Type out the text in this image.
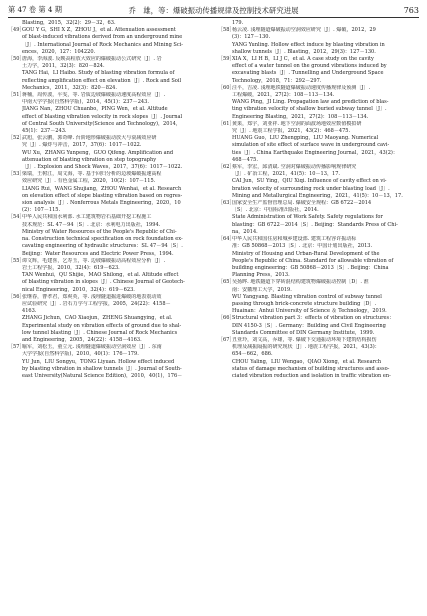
第 47 卷 第 4 期	乔　雄，等：爆破振动传播规律及控制技术研究进展	763
Blasting，2015，32(2)：29－32，63.
［49］
GOU Y G，SHI X Z，ZHOU J，et al. Attenuation assessment
of blast-induced vibrations derived from an underground mine
［J］. International Journal of Rock Mechanics and Mining Sci-
ences，2020，127：104220.
［50］
唐海，李海波. 反映高程放大效应的爆破振动公式研究［J］. 岩
土力学，2011，32(3)：820－824.
TANG Hai，LI Haibo. Study of blasting vibration formula of
reflecting amplification effect on elevation［J］. Rock and Soil
Mechanics，2011，32(3)：820－824.
［51］
蒋楠，周传波，平雯，等. 岩质边坡爆破振动速度高程效应［J］.
中南大学学报(自然科学版)，2014，45(1)：237－243.
JIANG Nan，ZHOU Chuanbo，PING Wen，et al. Altitude
effect of blasting vibration velocity in rock slopes［J］. Journal
of Central South University(Science and Technology)，2014，
45(1)：237－243.
［52］
武旭，张云鹏，郭奇峰. 台阶地形爆破振动放大与衰减效应研
究［J］. 爆炸与冲击，2017，37(6)：1017－1022.
WU Xu，ZHANG Yunpeng，GUO Qifeng. Amplification and
attenuation of blasting vibration on step topography
［J］. Explosion and Shock Waves，2017，37(6)：1017－1022.
［53］
梁瑞，王树江，周文海，等. 基于回归分析的边坡爆破振速高程
效应研究［J］. 有色金属工程，2020，10(2)：107－115.
LIANG Rui，WANG Shujiang，ZHOU Wenhai，et al. Research
on elevation effect of slope blasting vibration based on regres-
sion analysis［J］. Nonferrous Metals Engineering，2020，10
(2)：107－115.
［54］
中华人民共和国水利部. 水工建筑物岩石基础开挖工程施工
技术规范：SL 47－94［S］. 北京：水利电力出版社，1994.
Ministry of Water Resources of the People's Republic of Chi-
na. Construction technical specification on rock foundation ex-
cavating engineering of hydraulic structures：SL 47－94［S］.
Beijing：Water Resources and Electric Power Press，1994.
［55］
谭文辉，毛建喜，乞寿玉，等. 边坡爆破振动高程效应分析［J］.
岩土工程学报，2010，32(4)：619－623.
TAN Wenhui，QU Shijie，MAO Shilong，et al. Altitude effect
of blasting vibration in slopes［J］. Chinese Journal of Geotech-
nical Engineering，2010，32(4)：619－623.
［56］
张继春，曹孝君，郑爽英，等. 浅埋隧道掘进爆破的地表震动效
应试验研究［J］. 岩石力学与工程学报，2005，24(22)：4158－
4163.
ZHANG Jichun，CAO Xiaojun，ZHENG Shuangying，et al.
Experimental study on vibration effects of ground due to shal-
low tunnel blasting［J］. Chinese Journal of Rock Mechanics
and Engineering，2005，24(22)：4158－4163.
［57］
喻军，刘松玉，童立元. 浅埋隧道爆破振动空洞效应［J］. 东南
大学学报(自然科学版)，2010，40(1)：176－179.
YU Jun，LIU Songyu，TONG Liyuan. Hollow effect induced
by blasting vibration in shallow tunnels［J］. Journal of South-
east University(Natural Science Edition)，2010，40(1)，176－
179.
［58］
杨云凌. 浅埋隧道爆破振动空洞效应研究［J］. 爆破，2012，29
(3)：127－130.
YANG Yunling. Hollow effect induce by blasting vibration in
shallow tunnels［J］. Blasting，2012，29(3)：127－130.
［59］
XIA X，LI H B，LI J C，et al. A case study on the cavity
effect of a water tunnel on the ground vibrations induced by
excavating blasts［J］. Tunnelling and Underground Space
Technology，2018，71：292－297.
［60］
汪平，吉凌. 浅埋地铁隧道爆破振动速度传播规律及预测［J］.
工程爆破，2021，27(2)：108－113－134.
WANG Ping，JI Ling. Propagation law and prediction of blas-
ting vibration velocity of shallow buried subway tunnel［J］.
Engineering Blasting，2021，27(2)：108－113－134.
［61］
黄果，郑宇，刘亚祥. 地下空洞的面波场地效应数值模拟研
究［J］. 地震工程学报，2021，43(2)：468－475.
HUANG Guo，LIU Zhengping，LIU Maoyang. Numerical
simulation of site effect of surface wave in underground cavi-
ties［J］. China Earthquake Engineering Journal，2021，43(2)：
468－475.
［62］
蔡军，李宏，邱清斌. 空洞对爆破振动传播影响规律研究
［J］. 矿冶工程，2021，41(5)：10－13，17.
CAI Jun，SU Ying，QIU Xiqi. Influence of cavity effect on vi-
bration velocity of surrounding rock under blasting load［J］.
Mining and Metallurgical Engineering，2021，41(5)：10－13，17.
［63］
国家安全生产监督管理总局. 爆破安全规程：GB 6722－2014
［S］. 北京：中国标准出版社，2014.
State Administration of Work Safety. Safety regulations for
blasting：GB 6722－2014［S］. Beijing：Standards Press of Chi-
na，2014.
［64］
中华人民共和国住房和城乡建设部. 建筑工程容许振动标
准：GB 50868－2013［S］. 北京：中国计划出版社，2013.
Ministry of Housing and Urban-Rural Development of the
People's Republic of China. Standard for allowable vibration of
building engineering：GB 50868－2013［S］. Beijing：China
Planning Press，2013.
［65］
吴扬晔. 地铁隧道下穿砖混结构建筑物爆破振动控制［D］. 淮
南：安徽理工大学，2019.
WU Yangyang. Blasting vibration control of subway tunnel
passing through brick-concrete structure building［D］.
Huainan：Anhui University of Science ＆ Technology，2019.
［66］
Structural vibration part 3：effects of vibration on structures：
DIN 4150-3［S］. Germany：Building and Civil Engineering
Standards Committee of DIN Germany Institute，1999.
［67］
丑亚玲，刘文高，乔雄，等. 爆破下交通振动环境下建筑结构损伤
机理及减振隔振的研究现状［J］. 地震工程学报，2021，43(3)：
654－662，686.
CHOU Yaling，LIU Wengao，QIAO Xiong，et al. Research
status of damage mechanism of building structures and asso-
ciated vibration reduction and isolation in traffic vibration en-
